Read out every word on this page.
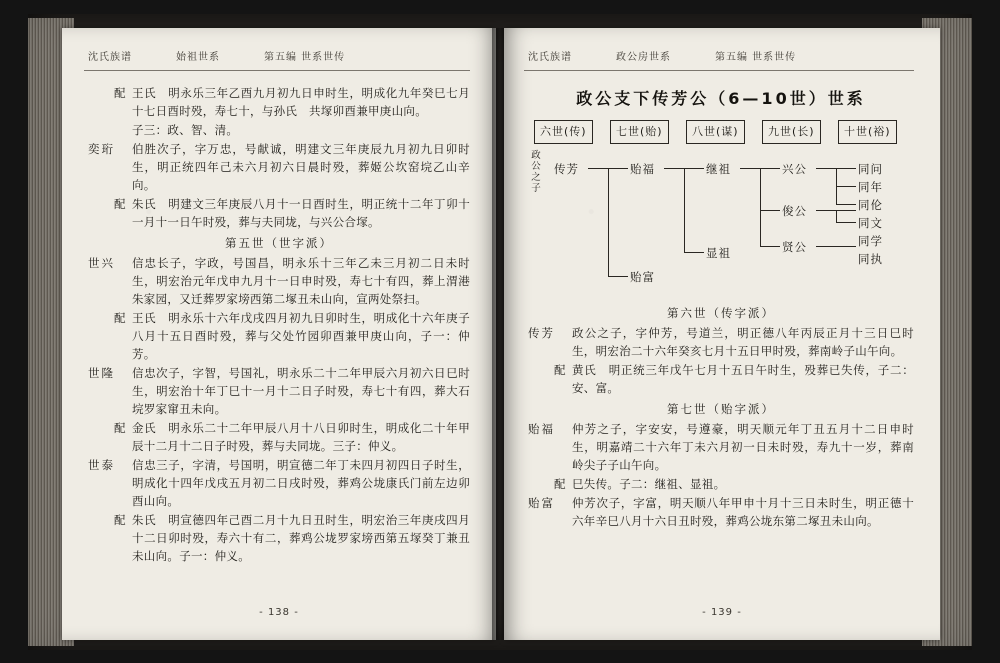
- 138 -
沈氏族谱	始祖世系	第五编 世系世传
配 王氏　明永乐三年乙酉九月初九日申时生，明成化九年癸巳七月十七日酉时殁，寿七十，与孙氏　共塜卯酉兼甲庚山向。
子三：政、智、清。
奕珩	伯胜次子，字万忠，号献诚，明建文三年庚辰九月初九日卯时生，明正统四年己未六月初六日晨时殁，葬姬公坎窑垸乙山辛向。
配 朱氏　明建文三年庚辰八月十一日酉时生，明正统十二年丁卯十一月十一日午时殁，葬与夫同垅，与兴公合塜。
第五世（世字派）
世兴	信忠长子，字政，号国昌，明永乐十三年乙未三月初二日未时生，明宏治元年戊申九月十一日申时殁，寿七十有四，葬上渭港朱家园，又迁葬罗家塝西第二塚丑未山向，宣两处祭扫。
配 王氏　明永乐十六年戊戌四月初九日卯时生，明成化十六年庚子八月十五日酉时殁，葬与父处竹园卯酉兼甲庚山向，子一：仲芳。
世隆	信忠次子，字智，号国礼，明永乐二十二年甲辰六月初六日巳时生，明宏治十年丁巳十一月十二日子时殁，寿七十有四，葬大石垸罗家窜丑未向。
配 金氏　明永乐二十二年甲辰八月十八日卯时生，明成化二十年甲辰十二月十二日子时殁，葬与夫同垅。三子：仲义。
世泰	信忠三子，字清，号国明，明宣德二年丁未四月初四日子时生，明成化十四年戊戌五月初二日戌时殁，葬鸡公垅康氏门前左边卯酉山向。
配 朱氏　明宣德四年己酉二月十九日丑时生，明宏治三年庚戌四月十二日卯时殁，寿六十有二，葬鸡公垅罗家塝西第五塜癸丁兼丑未山向。子一：仲义。
- 139 -
沈氏族谱	政公房世系	第五编 世系世传
政公支下传芳公（6—10世）世系
六世(传)	七世(贻)	八世(谋)	九世(长)	十世(裕)
政公之子
传芳	贻福
贻富
继祖
显祖
兴公
俊公
贤公
同问
同年
同伦
同文
同学
同执
第六世（传字派）
传芳	政公之子，字仲芳，号道兰，明正德八年丙辰正月十三日巳时生，明宏治二十六年癸亥七月十五日甲时殁，葬南岭子山午向。
配 黄氏　明正统三年戊午七月十五日午时生，殁葬已失传，子二：安、富。
第七世（贻字派）
贻福	仲芳之子，字安安，号遵豪，明天顺元年丁丑五月十二日申时生，明嘉靖二十六年丁未六月初一日未时殁，寿九十一岁，葬南岭尖子子山午向。
配 巳失传。子二：继祖、显祖。
贻富	仲芳次子，字富，明天顺八年甲申十月十三日未时生，明正德十六年辛巳八月十六日丑时殁，葬鸡公垅东第二塚丑未山向。
